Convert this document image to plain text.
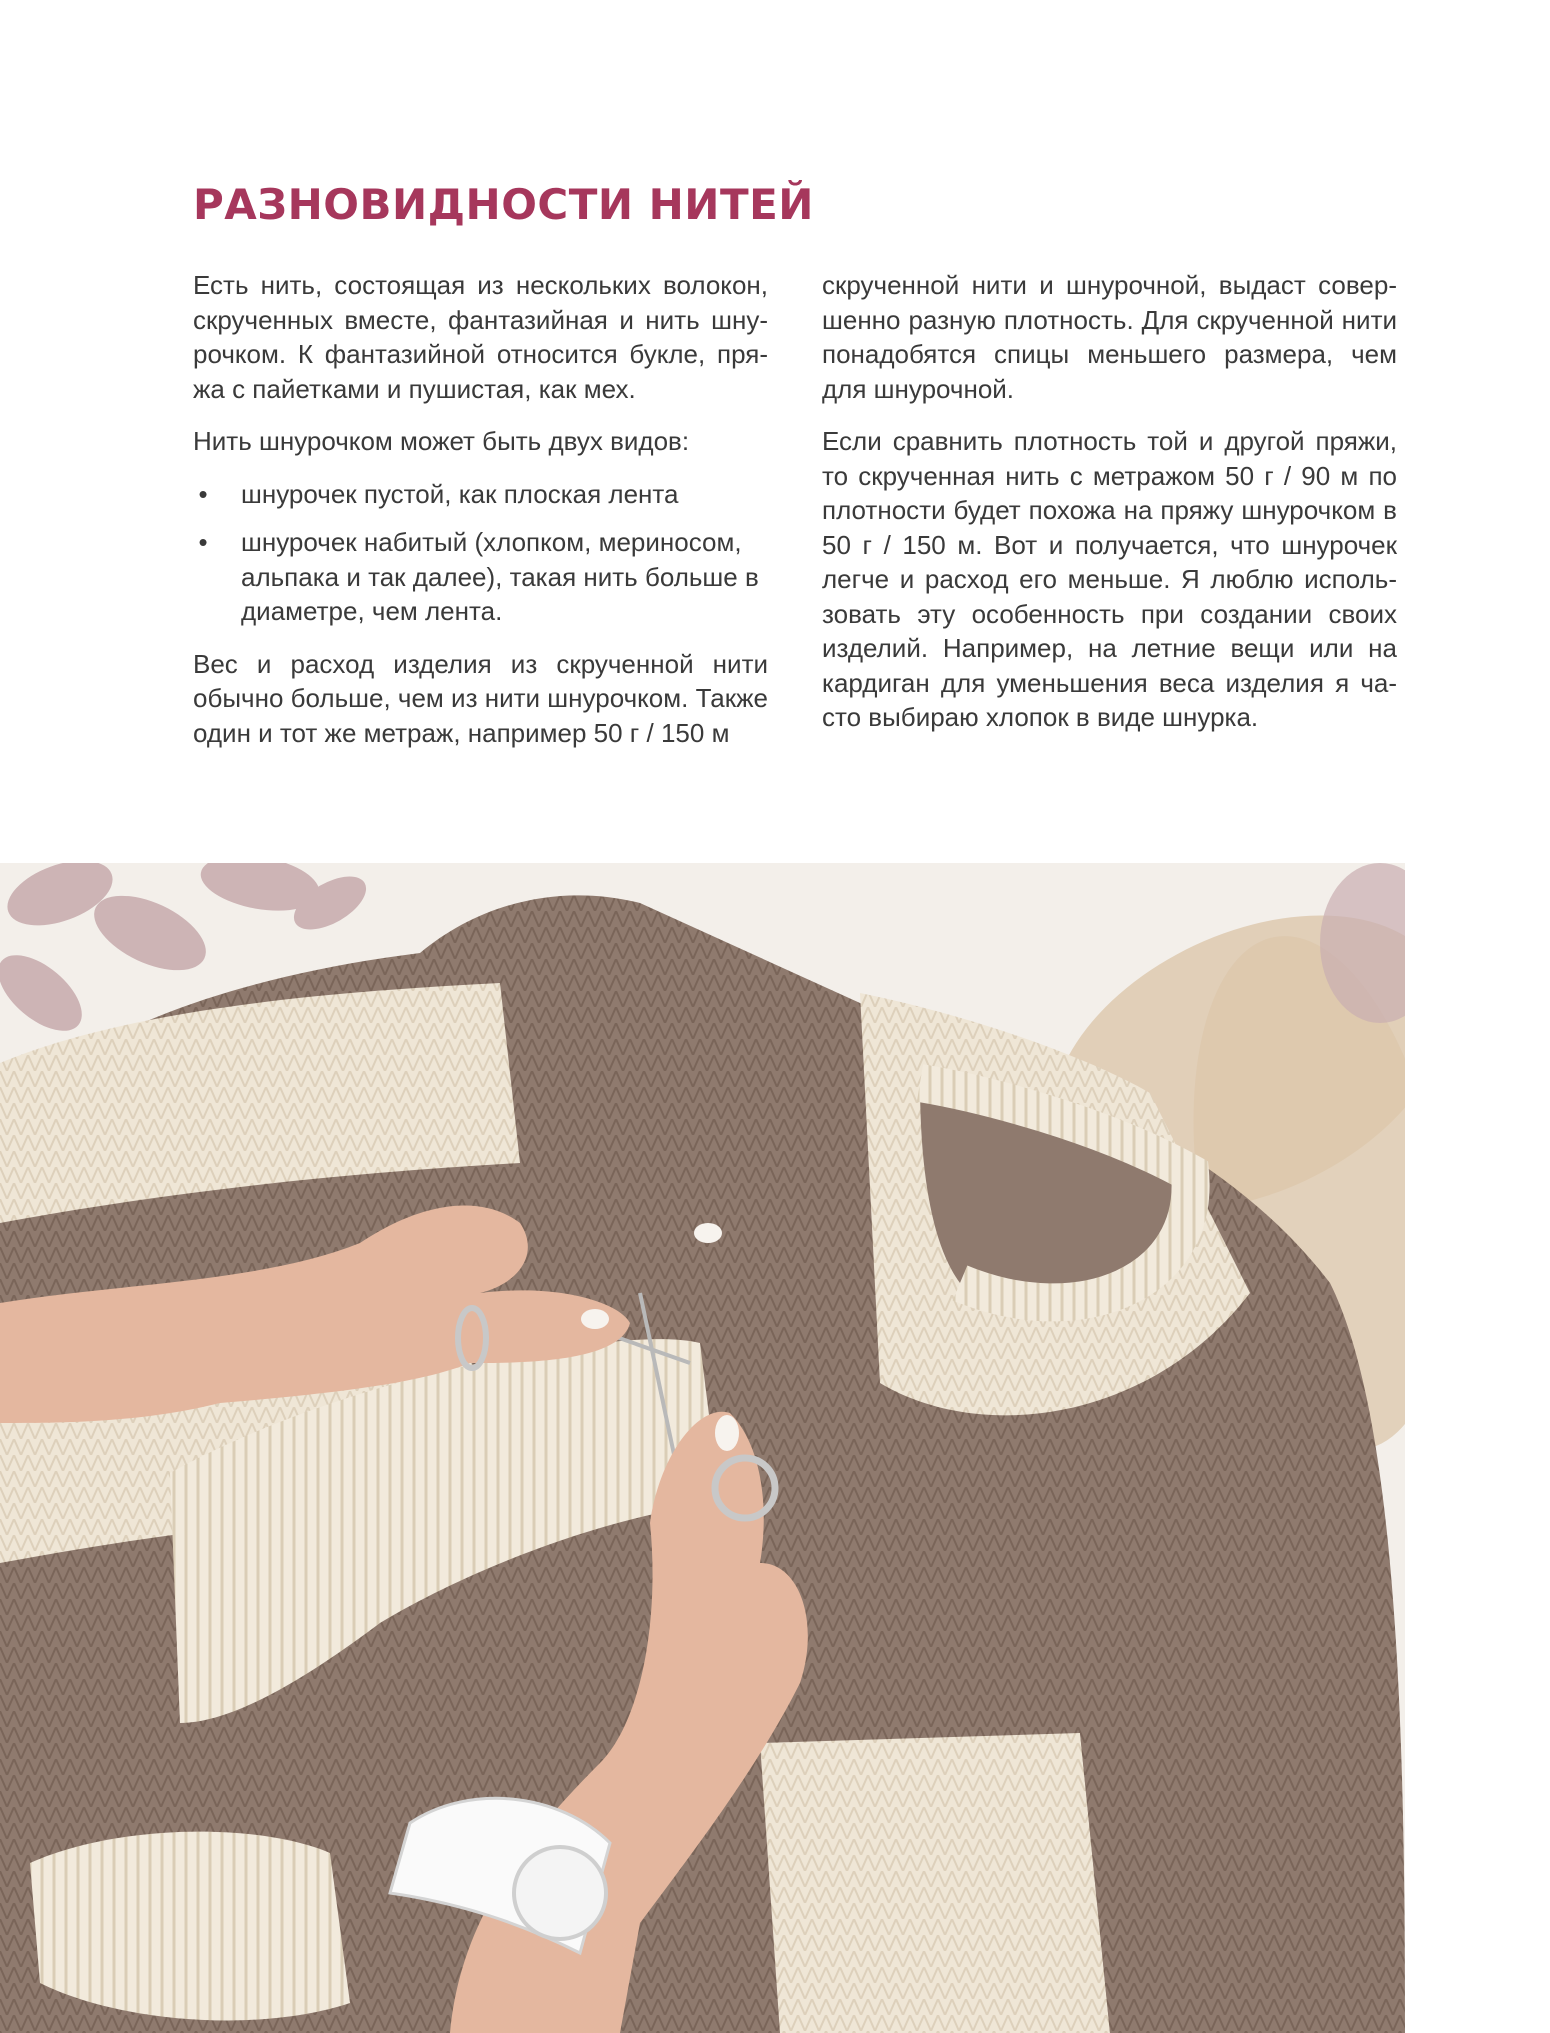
РАЗНОВИДНОСТИ НИТЕЙ

Есть нить, состоящая из нескольких волокон, скрученных вместе, фантазийная и нить шнурочком. К фантазийной относится букле, пряжа с пайетками и пушистая, как мех.

Нить шнурочком может быть двух видов:

• шнурочек пустой, как плоская лента
• шнурочек набитый (хлопком, мериносом, альпака и так далее), такая нить больше в диаметре, чем лента.

Вес и расход изделия из скрученной нити обычно больше, чем из нити шнурочком. Также один и тот же метраж, например 50 г / 150 м

скрученной нити и шнурочной, выдаст совершенно разную плотность. Для скрученной нити понадобятся спицы меньшего размера, чем для шнурочной.

Если сравнить плотность той и другой пряжи, то скрученная нить с метражом 50 г / 90 м по плотности будет похожа на пряжу шнурочком в 50 г / 150 м. Вот и получается, что шнурочек легче и расход его меньше. Я люблю использовать эту особенность при создании своих изделий. Например, на летние вещи или на кардиган для уменьшения веса изделия я часто выбираю хлопок в виде шнурка.
